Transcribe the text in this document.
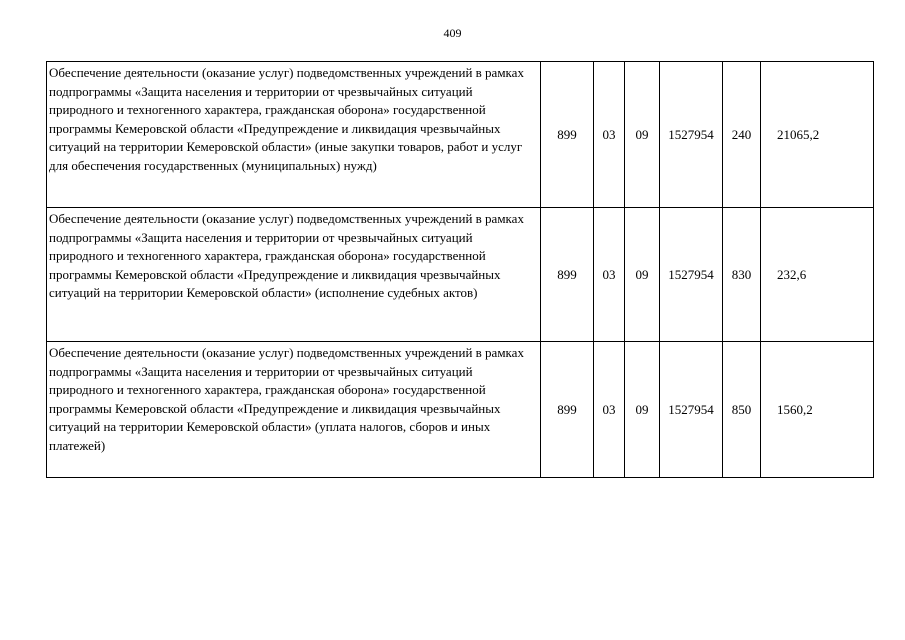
409
Обеспечение деятельности (оказание услуг) подведомственных учреждений в рамках подпрограммы «Защита населения и территории от чрезвычайных ситуаций природного и техногенного характера, гражданская оборона» государственной программы Кемеровской области «Предупреждение и ликвидация чрезвычайных ситуаций на территории Кемеровской области» (иные закупки товаров, работ и услуг для обеспечения государственных (муниципальных) нужд)	899	03	09	1527954	240	21065,2
Обеспечение деятельности (оказание услуг) подведомственных учреждений в рамках подпрограммы «Защита населения и территории от чрезвычайных ситуаций природного и техногенного характера, гражданская оборона» государственной программы Кемеровской области «Предупреждение и ликвидация чрезвычайных ситуаций на территории Кемеровской области» (исполнение судебных актов)	899	03	09	1527954	830	232,6
Обеспечение деятельности (оказание услуг) подведомственных учреждений в рамках подпрограммы «Защита населения и территории от чрезвычайных ситуаций природного и техногенного характера, гражданская оборона» государственной программы Кемеровской области «Предупреждение и ликвидация чрезвычайных ситуаций на территории Кемеровской области» (уплата налогов, сборов и иных платежей)	899	03	09	1527954	850	1560,2
